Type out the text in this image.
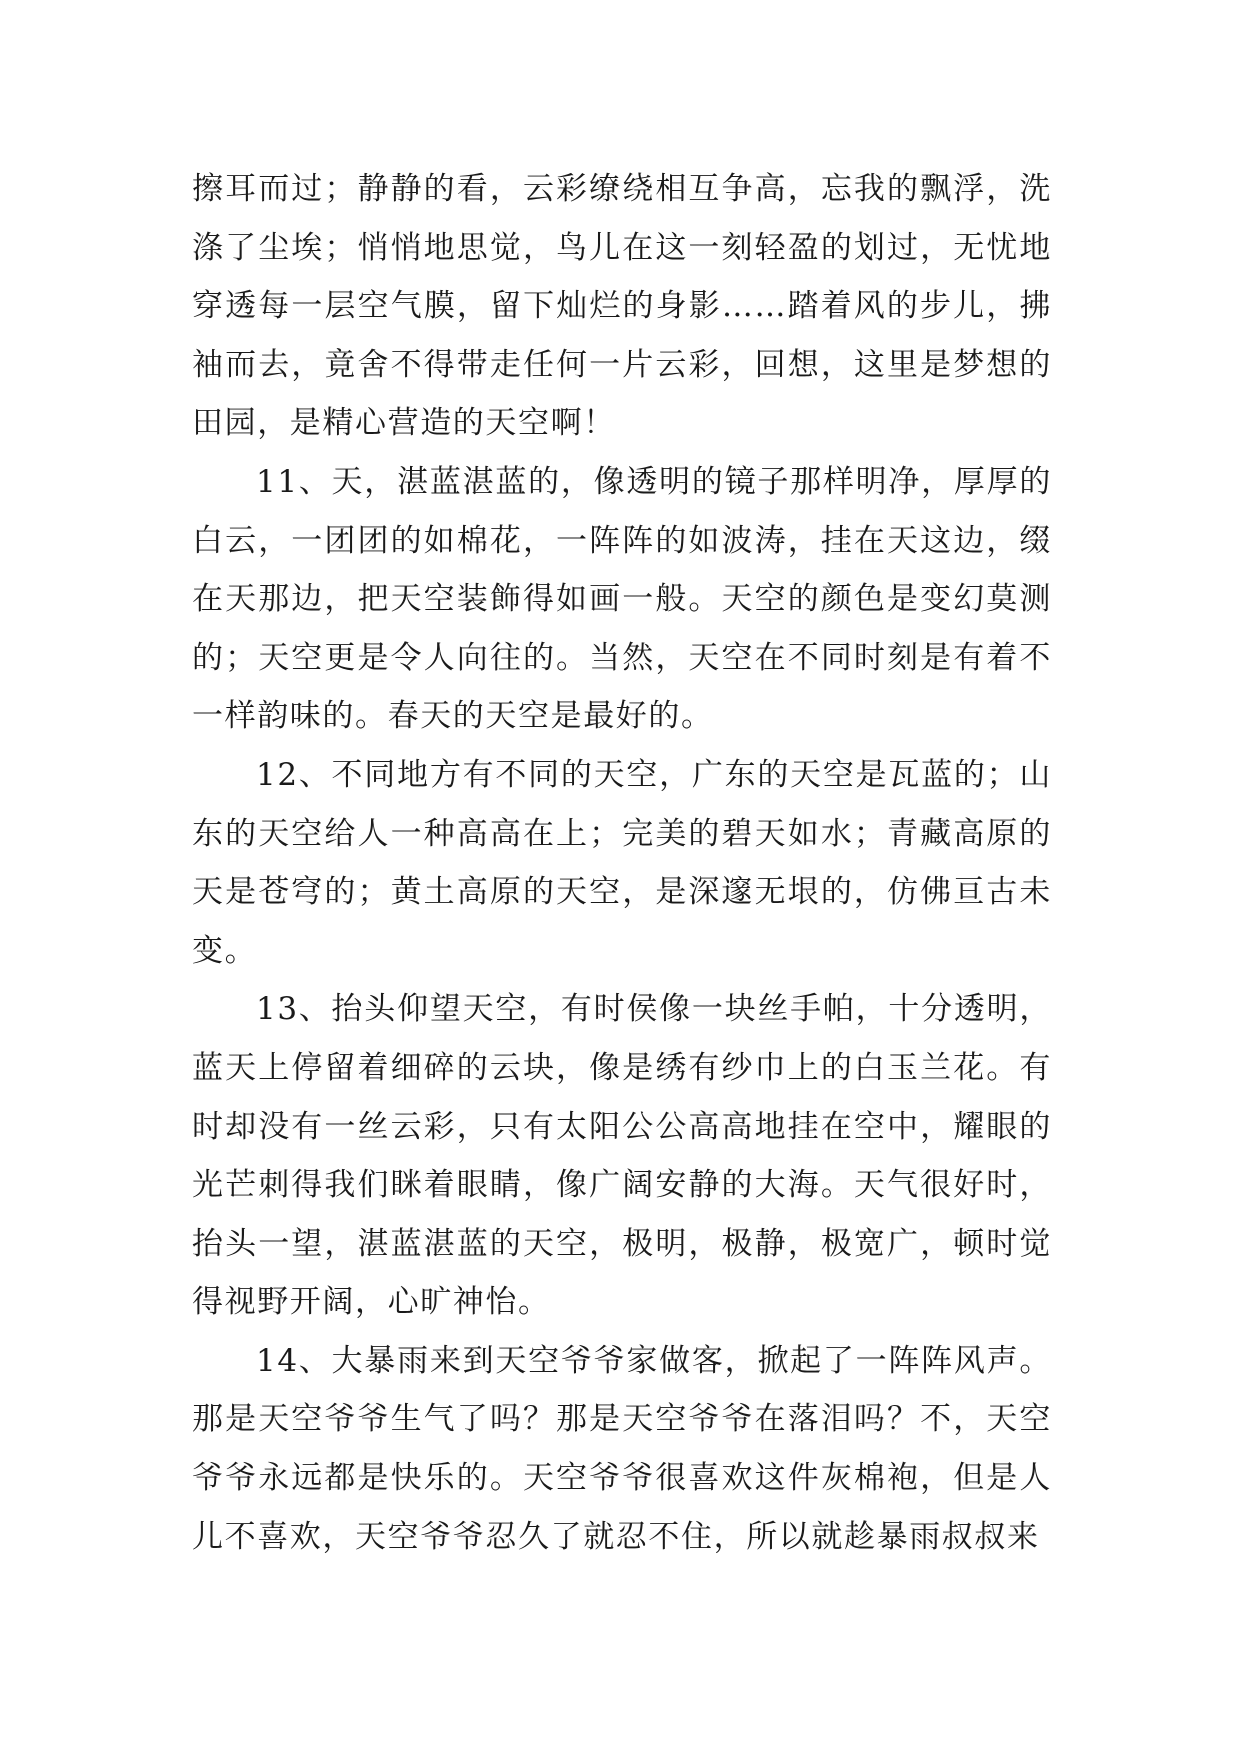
擦耳而过；静静的看，云彩缭绕相互争高，忘我的飘浮，洗涤了尘埃；悄悄地思觉，鸟儿在这一刻轻盈的划过，无忧地穿透每一层空气膜，留下灿烂的身影……踏着风的步儿，拂袖而去，竟舍不得带走任何一片云彩，回想，这里是梦想的田园，是精心营造的天空啊！

11、天，湛蓝湛蓝的，像透明的镜子那样明净，厚厚的白云，一团团的如棉花，一阵阵的如波涛，挂在天这边，缀在天那边，把天空装飾得如画一般。天空的颜色是变幻莫测的；天空更是令人向往的。当然，天空在不同时刻是有着不一样韵味的。春天的天空是最好的。

12、不同地方有不同的天空，广东的天空是瓦蓝的；山东的天空给人一种高高在上；完美的碧天如水；青藏高原的天是苍穹的；黄土高原的天空，是深邃无垠的，仿佛亘古未变。

13、抬头仰望天空，有时侯像一块丝手帕，十分透明，蓝天上停留着细碎的云块，像是绣有纱巾上的白玉兰花。有时却没有一丝云彩，只有太阳公公高高地挂在空中，耀眼的光芒刺得我们眯着眼睛，像广阔安静的大海。天气很好时，抬头一望，湛蓝湛蓝的天空，极明，极静，极宽广，顿时觉得视野开阔，心旷神怡。

14、大暴雨来到天空爷爷家做客，掀起了一阵阵风声。那是天空爷爷生气了吗？那是天空爷爷在落泪吗？不，天空爷爷永远都是快乐的。天空爷爷很喜欢这件灰棉袍，但是人儿不喜欢，天空爷爷忍久了就忍不住，所以就趁暴雨叔叔来
